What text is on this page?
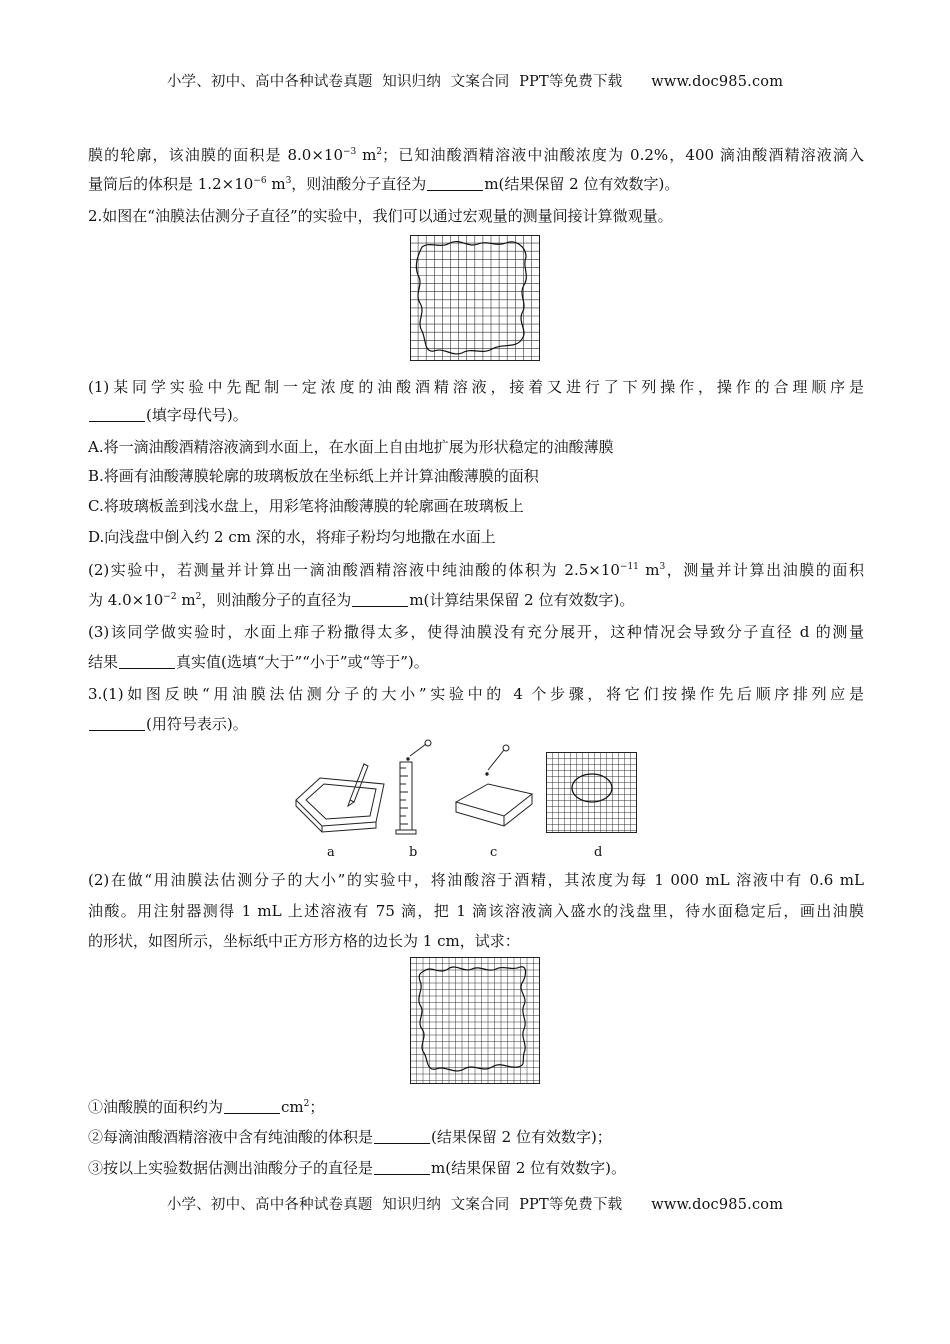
小学、初中、高中各种试卷真题  知识归纳  文案合同  PPT等免费下载      www.doc985.com
膜的轮廓，该油膜的面积是 $8.0\times 10^{-3}$ $m^2$；已知油酸酒精溶液中油酸浓度为 0.2%，400 滴油酸酒精溶液滴入
量筒后的体积是 $1.2\times 10^{-6}$ $m^3$，则油酸分子直径为	m(结果保留 2 位有效数字)。
2.如图在“油膜法估测分子直径”的实验中，我们可以通过宏观量的测量间接计算微观量。
(1)某同学实验中先配制一定浓度的油酸酒精溶液，接着又进行了下列操作，操作的合理顺序是
(填字母代号)。
A.将一滴油酸酒精溶液滴到水面上，在水面上自由地扩展为形状稳定的油酸薄膜
B.将画有油酸薄膜轮廓的玻璃板放在坐标纸上并计算油酸薄膜的面积
C.将玻璃板盖到浅水盘上，用彩笔将油酸薄膜的轮廓画在玻璃板上
D.向浅盘中倒入约 2 cm 深的水，将痱子粉均匀地撒在水面上
(2)实验中，若测量并计算出一滴油酸酒精溶液中纯油酸的体积为 $2.5\times 10^{-11}$ $m^3$，测量并计算出油膜的面积
为 $4.0\times 10^{-2}$ $m^2$，则油酸分子的直径为	m(计算结果保留 2 位有效数字)。
(3)该同学做实验时，水面上痱子粉撒得太多，使得油膜没有充分展开，这种情况会导致分子直径 d 的测量
结果	真实值(选填“大于”“小于”或“等于”)。
3.(1)如图反映“用油膜法估测分子的大小”实验中的 4 个步骤，将它们按操作先后顺序排列应是
(用符号表示)。
a	b	c	d
(2)在做“用油膜法估测分子的大小”的实验中，将油酸溶于酒精，其浓度为每 1 000 mL 溶液中有 0.6 mL
油酸。用注射器测得 1 mL 上述溶液有 75 滴，把 1 滴该溶液滴入盛水的浅盘里，待水面稳定后，画出油膜
的形状，如图所示，坐标纸中正方形方格的边长为 1 cm，试求：
①油酸膜的面积约为	$cm^2$；
②每滴油酸酒精溶液中含有纯油酸的体积是	(结果保留 2 位有效数字)；
③按以上实验数据估测出油酸分子的直径是	m(结果保留 2 位有效数字)。
小学、初中、高中各种试卷真题  知识归纳  文案合同  PPT等免费下载      www.doc985.com
